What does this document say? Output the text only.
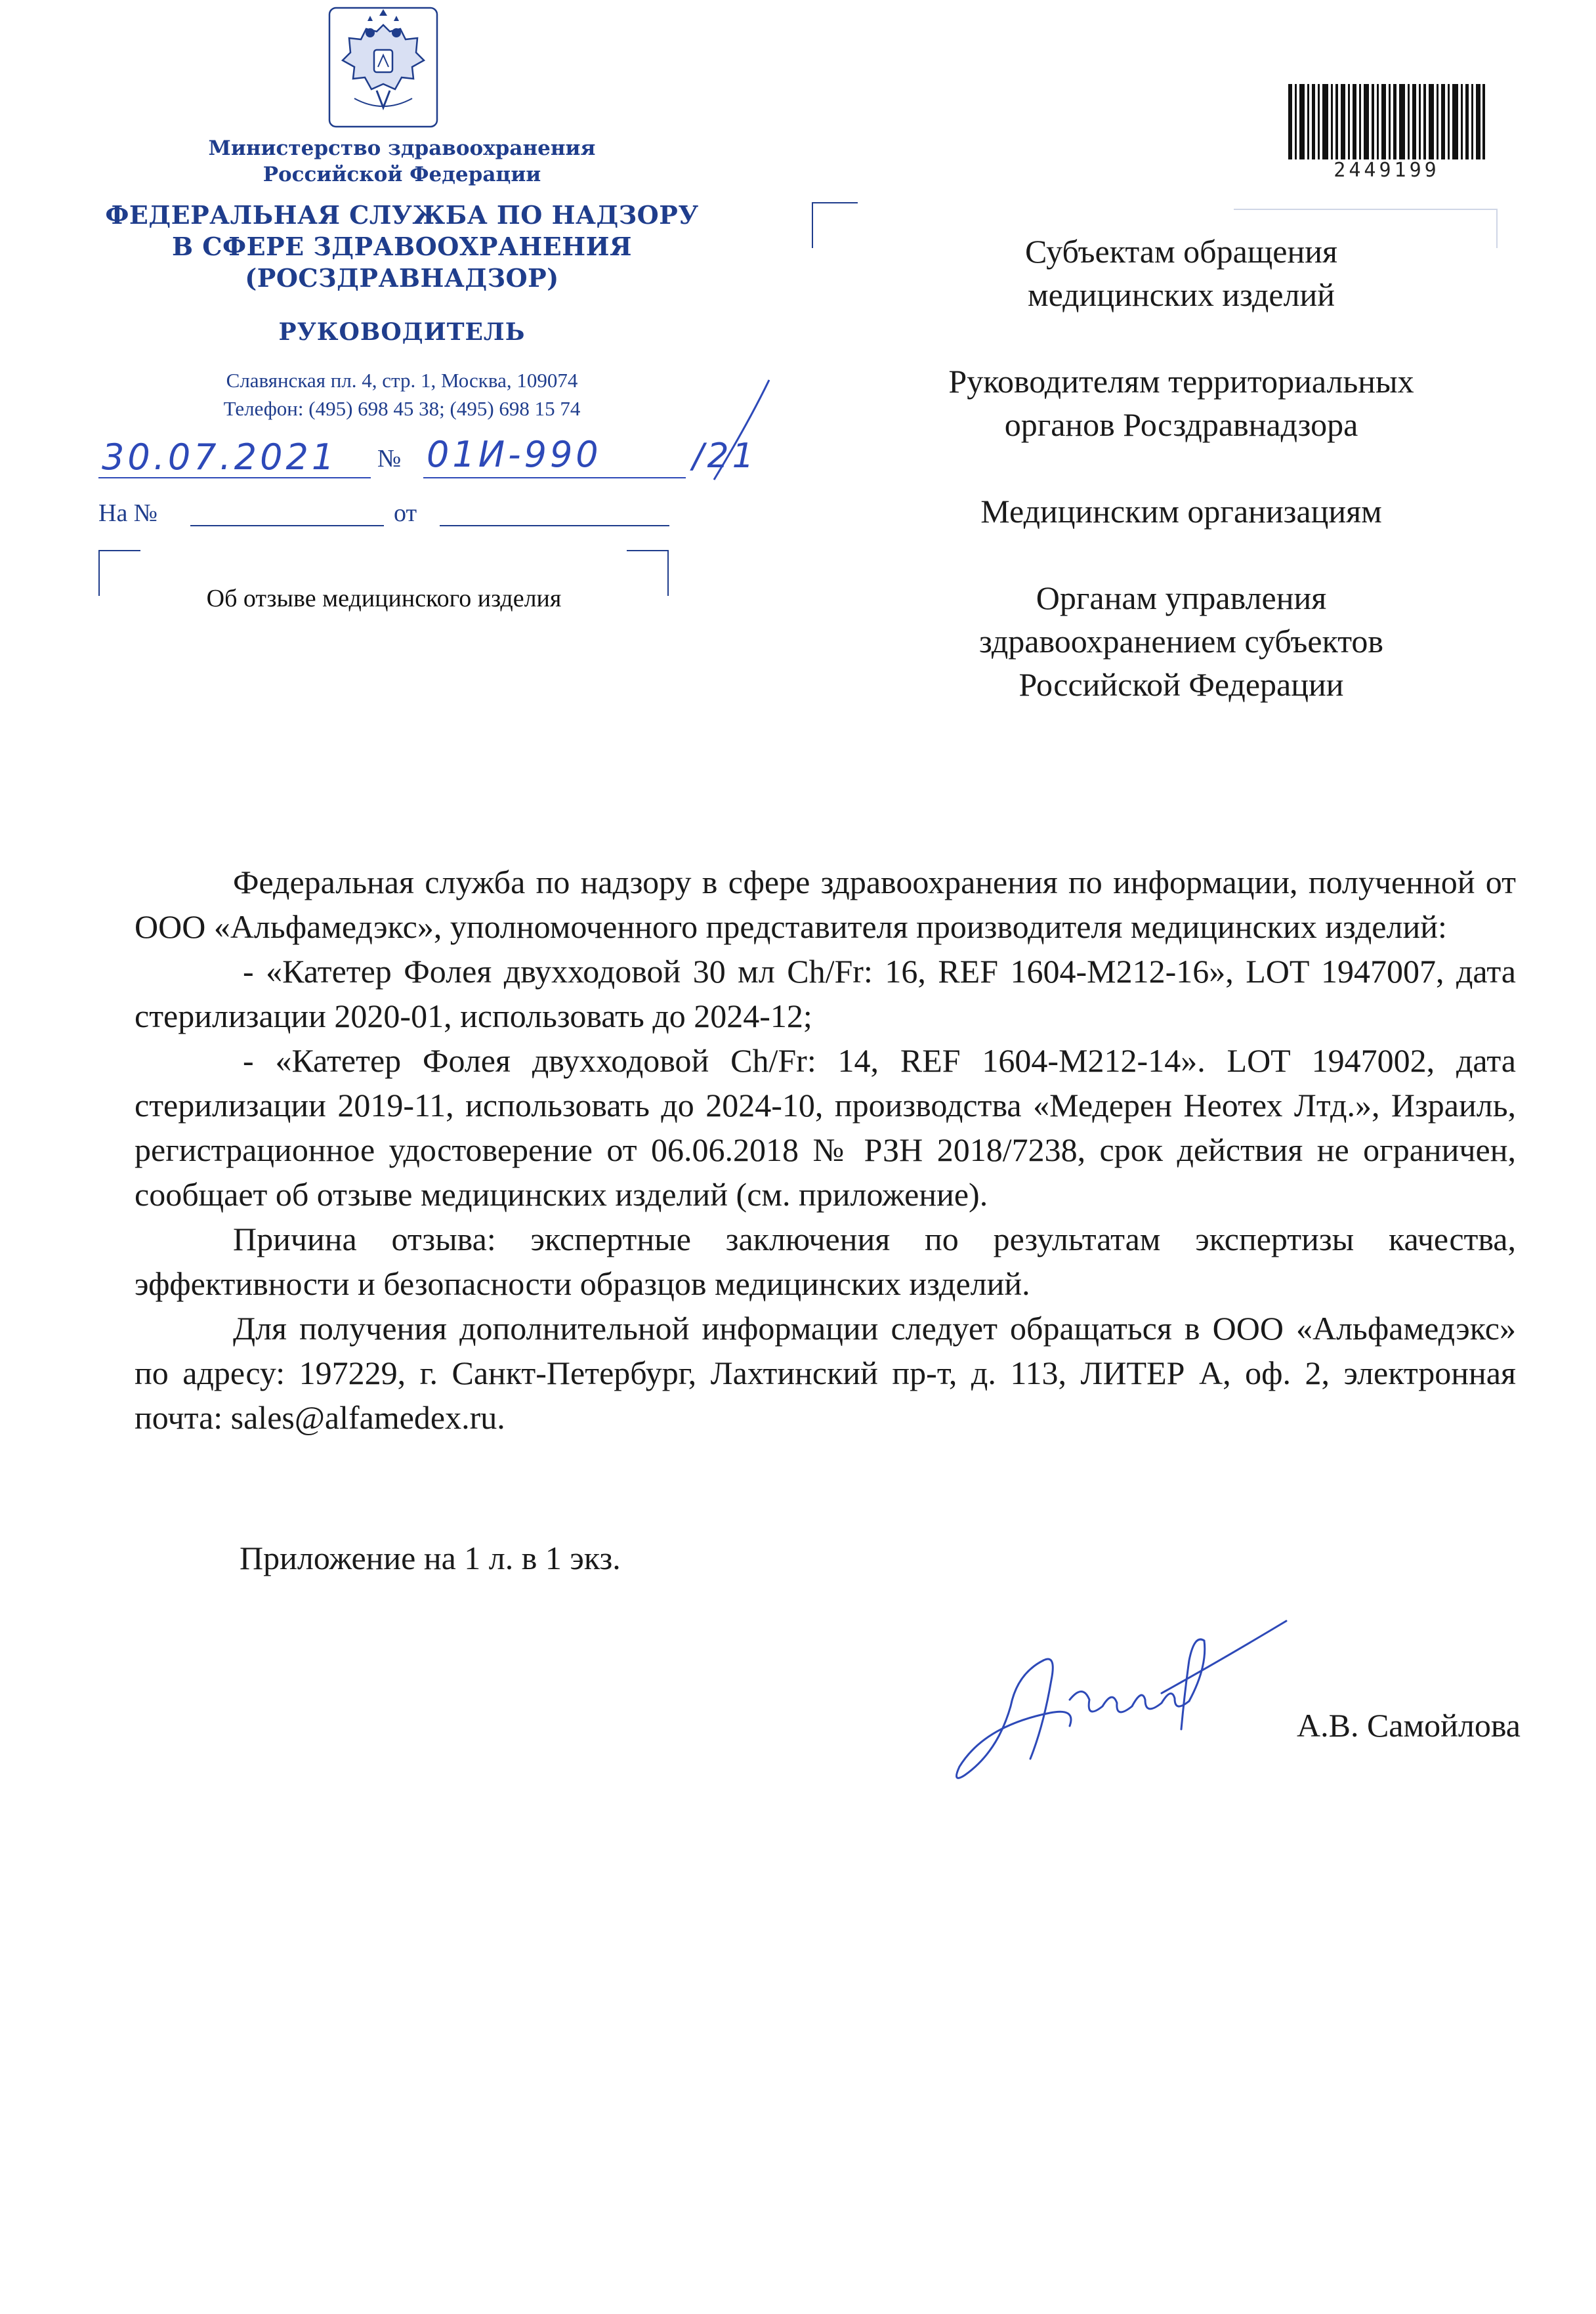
Министерство здравоохранения
Российской Федерации
ФЕДЕРАЛЬНАЯ СЛУЖБА ПО НАДЗОРУ
В СФЕРЕ ЗДРАВООХРАНЕНИЯ
(РОСЗДРАВНАДЗОР)
РУКОВОДИТЕЛЬ
Славянская пл. 4, стр. 1, Москва, 109074
Телефон: (495) 698 45 38; (495) 698 15 74
30.07.2021 № 01И-990	/21
На №	от
Об отзыве медицинского изделия
2449199

Субъектам обращения
медицинских изделий

Руководителям территориальных
органов Росздравнадзора

Медицинским организациям

Органам управления
здравоохранением субъектов
Российской Федерации

Федеральная служба по надзору в сфере здравоохранения по информации, полученной от ООО «Альфамедэкс», уполномоченного представителя производителя медицинских изделий:

- «Катетер Фолея двухходовой 30 мл Ch/Fr: 16, REF 1604-M212-16», LOT 1947007, дата стерилизации 2020-01, использовать до 2024-12;

- «Катетер Фолея двухходовой Ch/Fr: 14, REF 1604-M212-14». LOT 1947002, дата стерилизации 2019-11, использовать до 2024-10, производства «Медерен Неотех Лтд.», Израиль, регистрационное удостоверение от 06.06.2018 № РЗН 2018/7238, срок действия не ограничен, сообщает об отзыве медицинских изделий (см. приложение).

Причина отзыва: экспертные заключения по результатам экспертизы качества, эффективности и безопасности образцов медицинских изделий.

Для получения дополнительной информации следует обращаться в ООО «Альфамедэкс» по адресу: 197229, г. Санкт-Петербург, Лахтинский пр-т, д. 113, ЛИТЕР А, оф. 2, электронная почта: sales@alfamedex.ru.

Приложение на 1 л. в 1 экз.
А.В. Самойлова
